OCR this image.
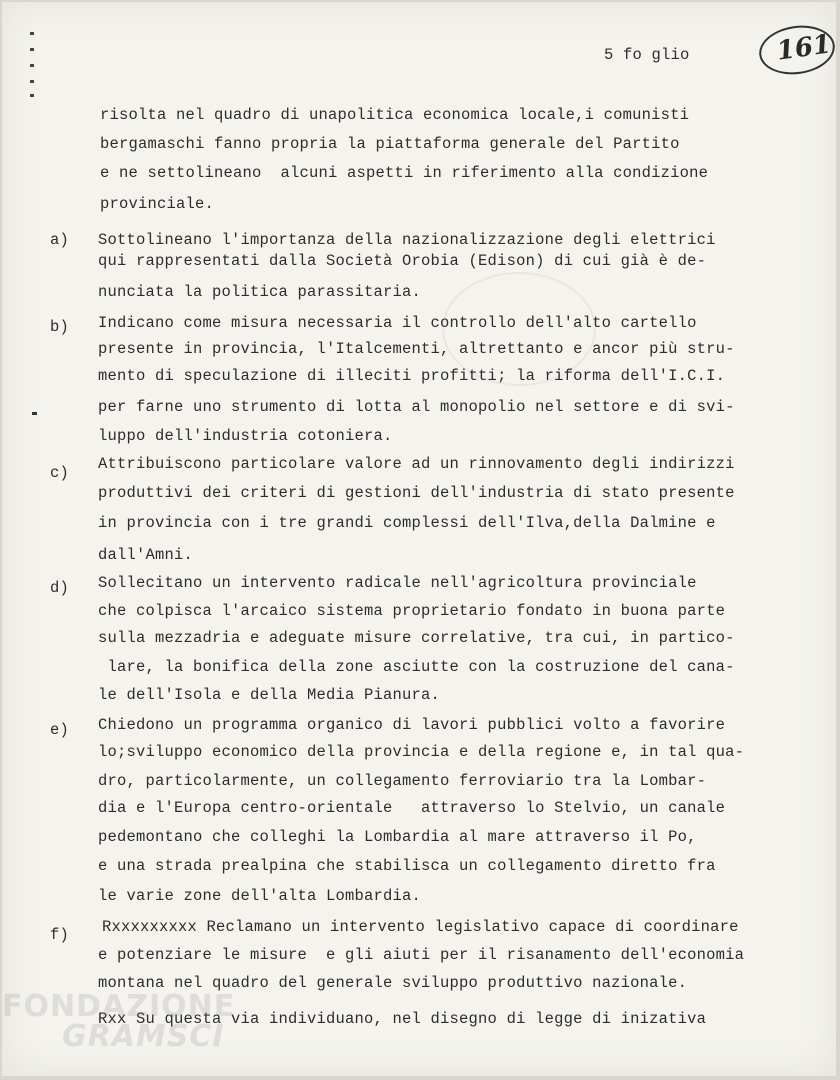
5 fo glio	161
risolta nel quadro di unapolitica economica locale,i comunisti
bergamaschi fanno propria la piattaforma generale del Partito
e ne settolineano  alcuni aspetti in riferimento alla condizione
provinciale.
a) Sottolineano l'importanza della nazionalizzazione degli elettrici
qui rappresentati dalla Società Orobia (Edison) di cui già è de-
nunciata la politica parassitaria.
b) Indicano come misura necessaria il controllo dell'alto cartello
presente in provincia, l'Italcementi, altrettanto e ancor più stru-
mento di speculazione di illeciti profitti; la riforma dell'I.C.I.
per farne uno strumento di lotta al monopolio nel settore e di svi-
luppo dell'industria cotoniera.
c) Attribuiscono particolare valore ad un rinnovamento degli indirizzi
produttivi dei criteri di gestioni dell'industria di stato presente
in provincia con i tre grandi complessi dell'Ilva,della Dalmine e
dall'Amni.
d) Sollecitano un intervento radicale nell'agricoltura provinciale
che colpisca l'arcaico sistema proprietario fondato in buona parte
sulla mezzadria e adeguate misure correlative, tra cui, in partico-
lare, la bonifica della zone asciutte con la costruzione del cana-
le dell'Isola e della Media Pianura.
e) Chiedono un programma organico di lavori pubblici volto a favorire
lo;sviluppo economico della provincia e della regione e, in tal qua-
dro, particolarmente, un collegamento ferroviario tra la Lombar-
dia e l'Europa centro-orientale   attraverso lo Stelvio, un canale
pedemontano che colleghi la Lombardia al mare attraverso il Po,
e una strada prealpina che stabilisca un collegamento diretto fra
le varie zone dell'alta Lombardia.
f) Rxxxxxxxxx Reclamano un intervento legislativo capace di coordinare
e potenziare le misure  e gli aiuti per il risanamento dell'economia
montana nel quadro del generale sviluppo produttivo nazionale.
Rxx Su questa via individuano, nel disegno di legge di inizativa
FONDAZIONE
GRAMSCI
